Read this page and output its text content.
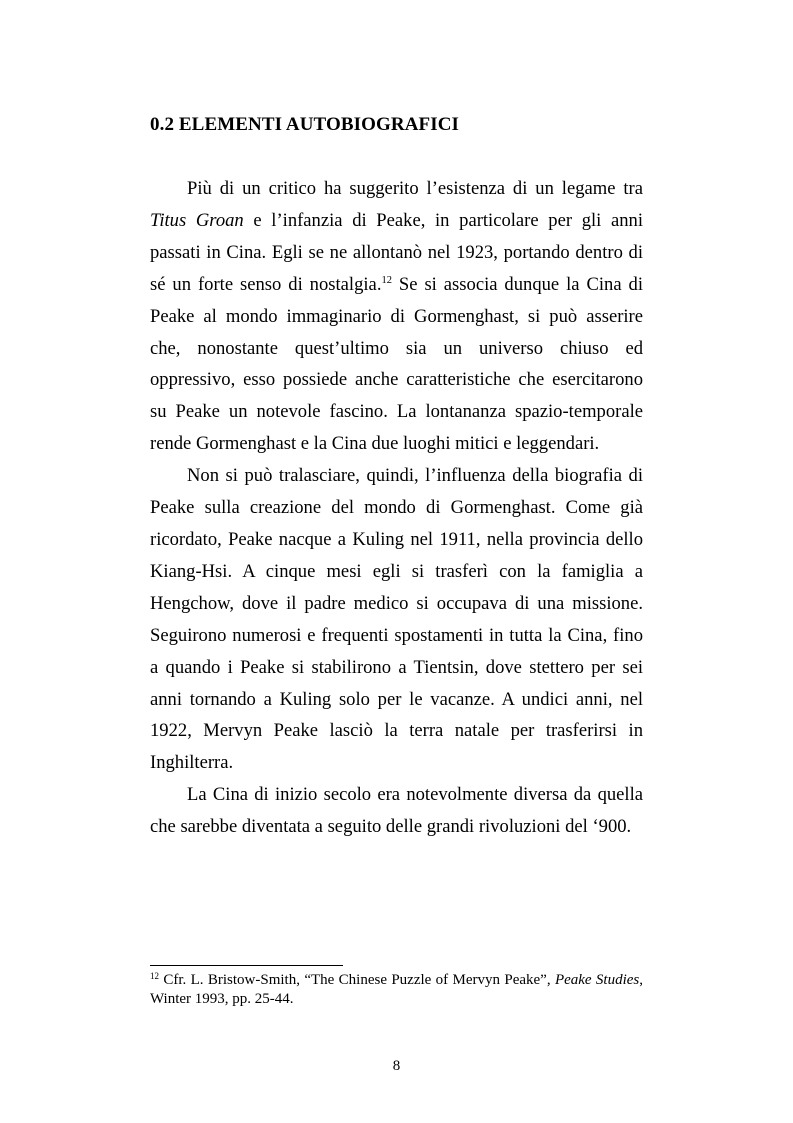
0.2 ELEMENTI AUTOBIOGRAFICI

Più di un critico ha suggerito l’esistenza di un legame tra Titus Groan e l’infanzia di Peake, in particolare per gli anni passati in Cina. Egli se ne allontanò nel 1923, portando dentro di sé un forte senso di nostalgia.$^{12}$ Se si associa dunque la Cina di Peake al mondo immaginario di Gormenghast, si può asserire che, nonostante quest’ultimo sia un universo chiuso ed oppressivo, esso possiede anche caratteristiche che esercitarono su Peake un notevole fascino. La lontananza spazio-temporale rende Gormenghast e la Cina due luoghi mitici e leggendari.

Non si può tralasciare, quindi, l’influenza della biografia di Peake sulla creazione del mondo di Gormenghast. Come già ricordato, Peake nacque a Kuling nel 1911, nella provincia dello Kiang-Hsi. A cinque mesi egli si trasferì con la famiglia a Hengchow, dove il padre medico si occupava di una missione. Seguirono numerosi e frequenti spostamenti in tutta la Cina, fino a quando i Peake si stabilirono a Tientsin, dove stettero per sei anni tornando a Kuling solo per le vacanze. A undici anni, nel 1922, Mervyn Peake lasciò la terra natale per trasferirsi in Inghilterra.

La Cina di inizio secolo era notevolmente diversa da quella che sarebbe diventata a seguito delle grandi rivoluzioni del ‘900.

$^{12}$ Cfr. L. Bristow-Smith, “The Chinese Puzzle of Mervyn Peake”, Peake Studies, Winter 1993, pp. 25-44.
8
